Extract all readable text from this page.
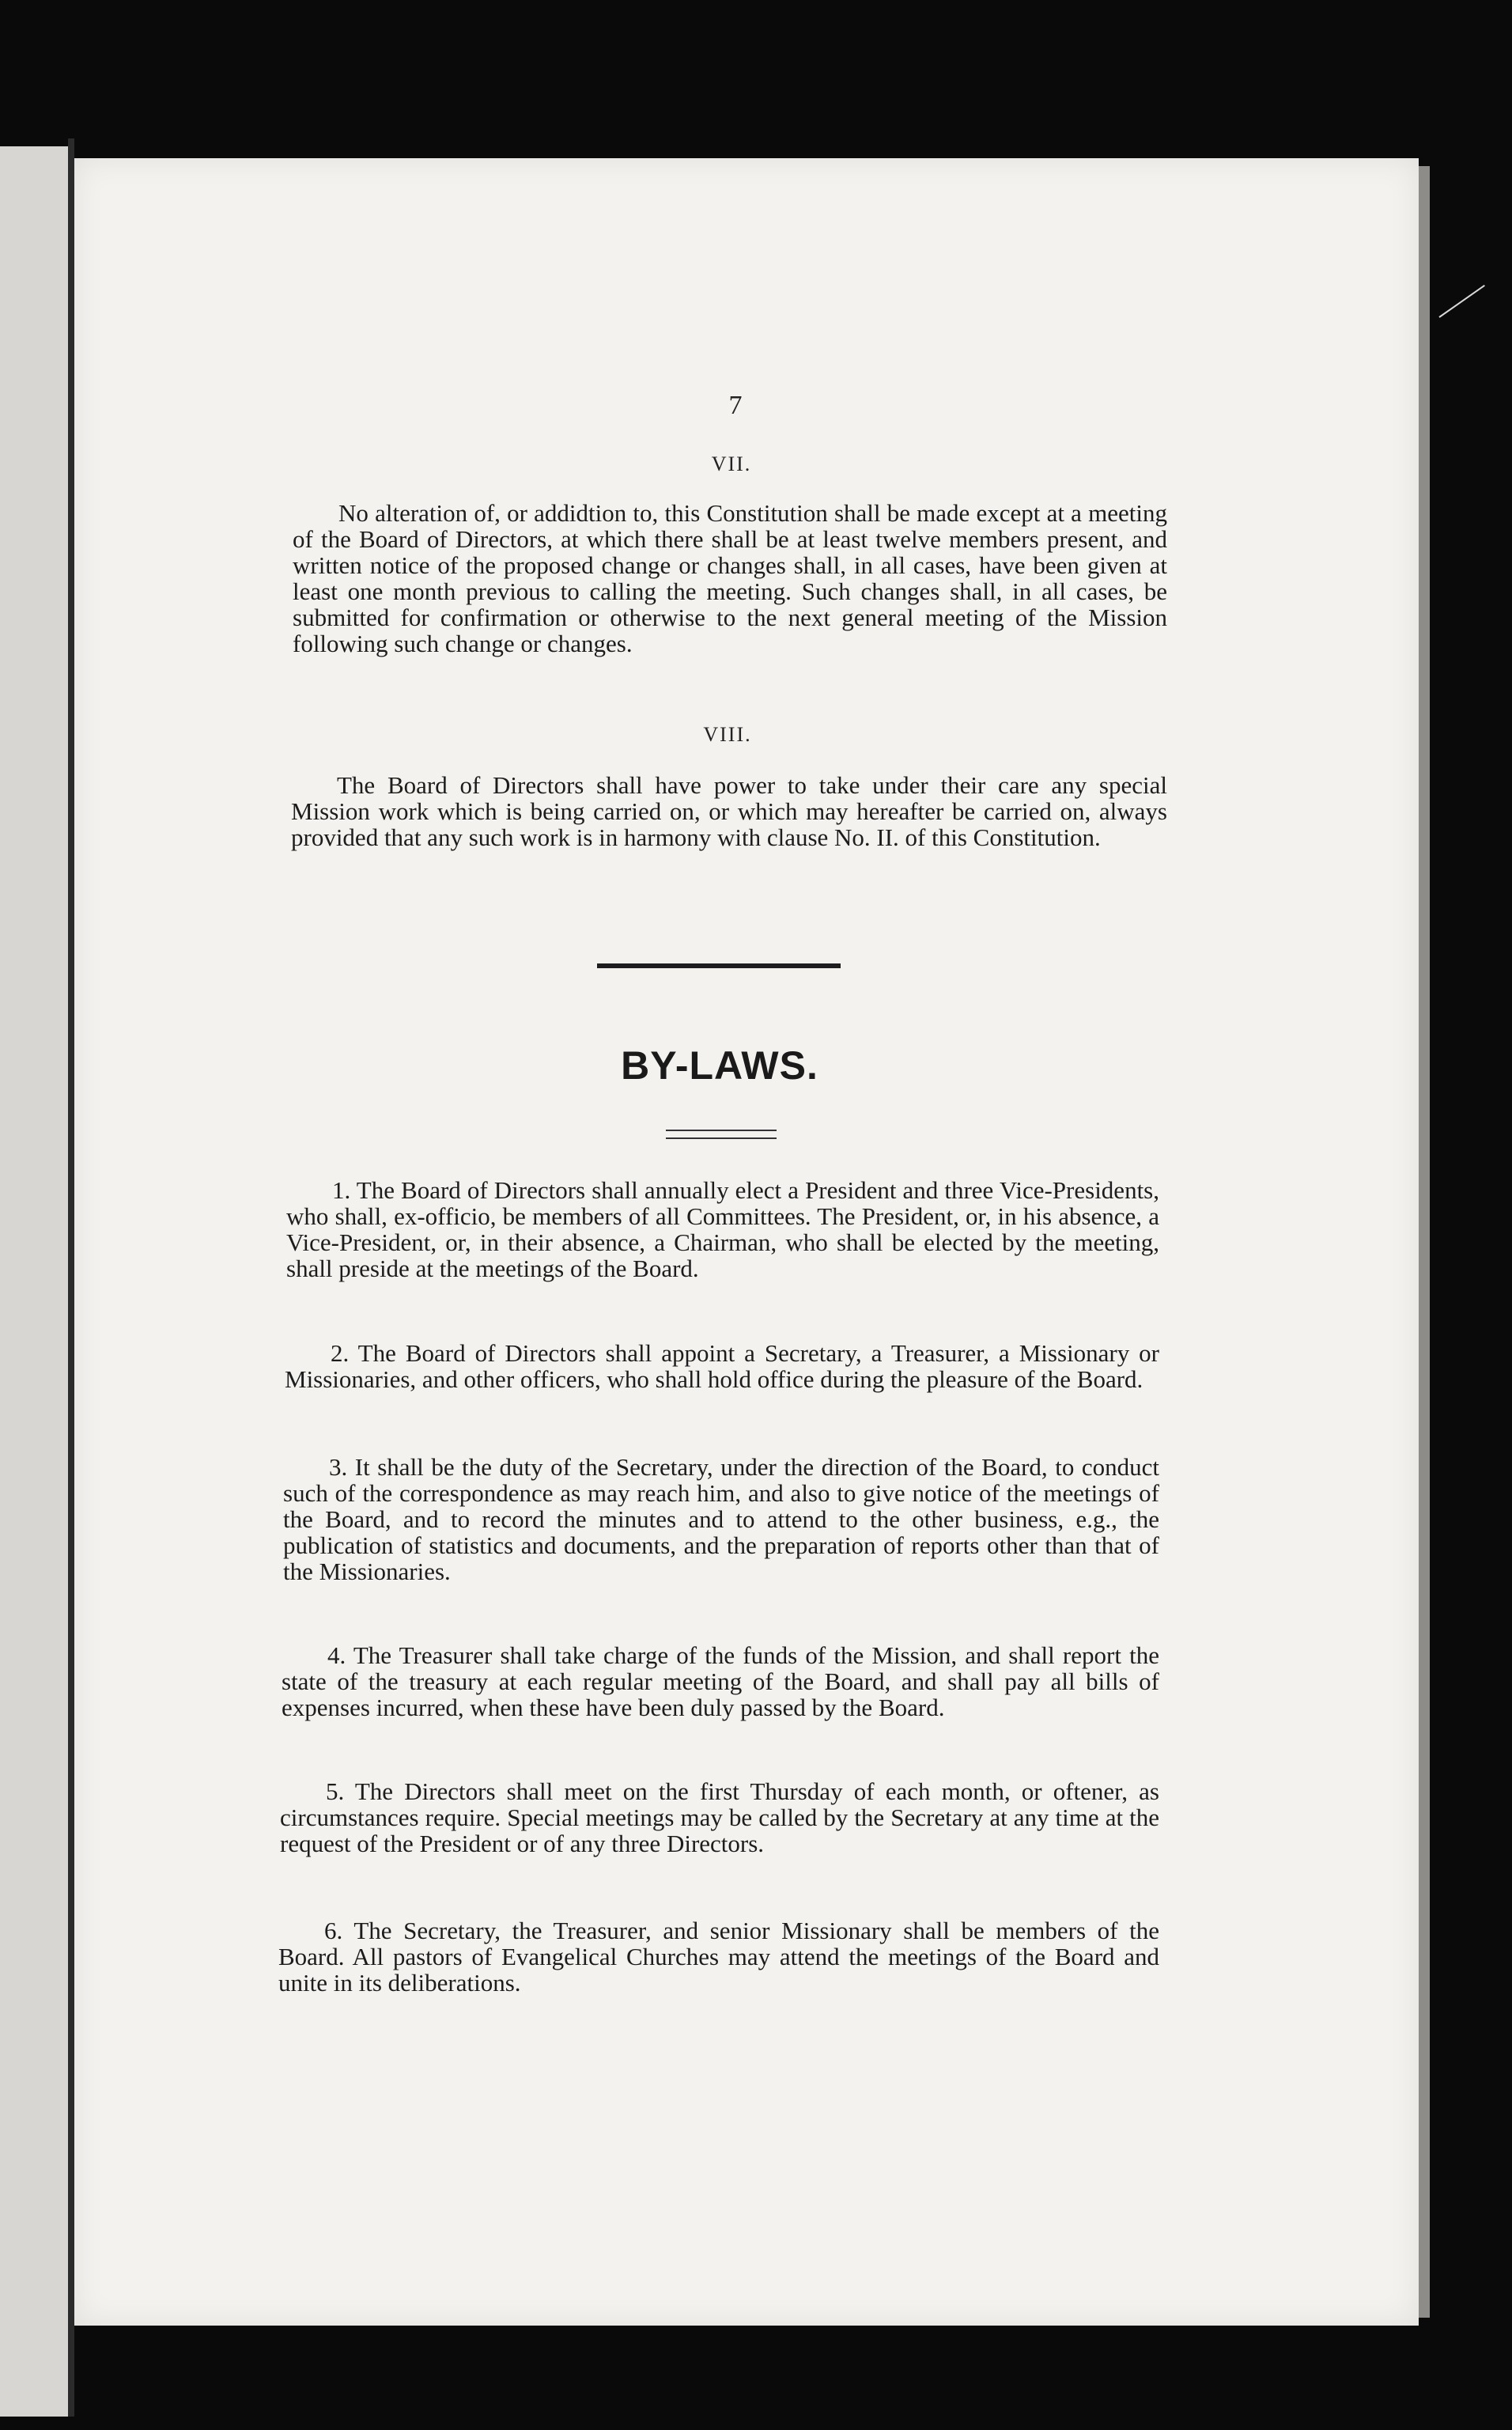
7
VII.
No alteration of, or addidtion to, this Constitution shall be made except at a meeting of the Board of Directors, at which there shall be at least twelve members present, and written notice of the proposed change or changes shall, in all cases, have been given at least one month previous to calling the meeting. Such changes shall, in all cases, be submitted for confirmation or otherwise to the next general meeting of the Mission following such change or changes.
VIII.
The Board of Directors shall have power to take under their care any special Mission work which is being carried on, or which may hereafter be carried on, always provided that any such work is in harmony with clause No. II. of this Constitution.
BY-LAWS.
1. The Board of Directors shall annually elect a President and three Vice-Presidents, who shall, ex-officio, be members of all Committees. The President, or, in his absence, a Vice-President, or, in their absence, a Chairman, who shall be elected by the meeting, shall preside at the meetings of the Board.
2. The Board of Directors shall appoint a Secretary, a Treasurer, a Missionary or Missionaries, and other officers, who shall hold office during the pleasure of the Board.
3. It shall be the duty of the Secretary, under the direction of the Board, to conduct such of the correspondence as may reach him, and also to give notice of the meetings of the Board, and to record the minutes and to attend to the other business, e.g., the publication of statistics and documents, and the preparation of reports other than that of the Missionaries.
4. The Treasurer shall take charge of the funds of the Mission, and shall report the state of the treasury at each regular meeting of the Board, and shall pay all bills of expenses incurred, when these have been duly passed by the Board.
5. The Directors shall meet on the first Thursday of each month, or oftener, as circumstances require. Special meetings may be called by the Secretary at any time at the request of the President or of any three Directors.
6. The Secretary, the Treasurer, and senior Missionary shall be members of the Board. All pastors of Evangelical Churches may attend the meetings of the Board and unite in its deliberations.
